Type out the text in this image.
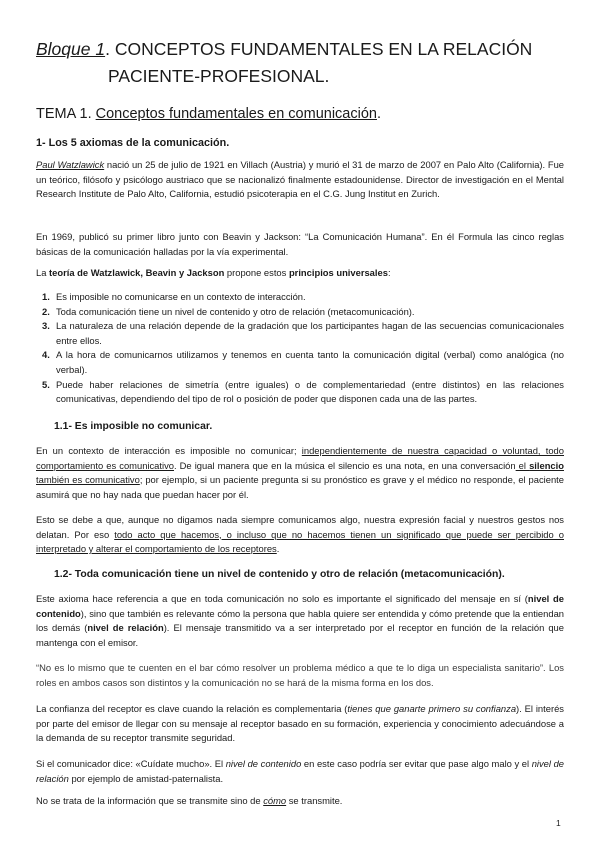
Bloque 1. CONCEPTOS FUNDAMENTALES EN LA RELACIÓN
PACIENTE-PROFESIONAL.
TEMA 1. Conceptos fundamentales en comunicación.
1- Los 5 axiomas de la comunicación.
Paul Watzlawick nació un 25 de julio de 1921 en Villach (Austria) y murió el 31 de marzo de 2007 en Palo Alto (California). Fue un teórico, filósofo y psicólogo austriaco que se nacionalizó finalmente estadounidense. Director de investigación en el Mental Research Institute de Palo Alto, California, estudió psicoterapia en el C.G. Jung Institut en Zurich.
En 1969, publicó su primer libro junto con Beavin y Jackson: “La Comunicación Humana”. En él Formula las cinco reglas básicas de la comunicación halladas por la vía experimental.
La teoría de Watzlawick, Beavin y Jackson propone estos principios universales:
1. Es imposible no comunicarse en un contexto de interacción.
2. Toda comunicación tiene un nivel de contenido y otro de relación (metacomunicación).
3. La naturaleza de una relación depende de la gradación que los participantes hagan de las secuencias comunicacionales entre ellos.
4. A la hora de comunicarnos utilizamos y tenemos en cuenta tanto la comunicación digital (verbal) como analógica (no verbal).
5. Puede haber relaciones de simetría (entre iguales) o de complementariedad (entre distintos) en las relaciones comunicativas, dependiendo del tipo de rol o posición de poder que disponen cada una de las partes.
1.1- Es imposible no comunicar.
En un contexto de interacción es imposible no comunicar; independientemente de nuestra capacidad o voluntad, todo comportamiento es comunicativo. De igual manera que en la música el silencio es una nota, en una conversación el silencio también es comunicativo; por ejemplo, si un paciente pregunta si su pronóstico es grave y el médico no responde, el paciente asumirá que no hay nada que puedan hacer por él.
Esto se debe a que, aunque no digamos nada siempre comunicamos algo, nuestra expresión facial y nuestros gestos nos delatan. Por eso todo acto que hacemos, o incluso que no hacemos tienen un significado que puede ser percibido o interpretado y alterar el comportamiento de los receptores.
1.2- Toda comunicación tiene un nivel de contenido y otro de relación (metacomunicación).
Este axioma hace referencia a que en toda comunicación no solo es importante el significado del mensaje en sí (nivel de contenido), sino que también es relevante cómo la persona que habla quiere ser entendida y cómo pretende que la entiendan los demás (nivel de relación). El mensaje transmitido va a ser interpretado por el receptor en función de la relación que mantenga con el emisor.
“No es lo mismo que te cuenten en el bar cómo resolver un problema médico a que te lo diga un especialista sanitario”. Los roles en ambos casos son distintos y la comunicación no se hará de la misma forma en los dos.
La confianza del receptor es clave cuando la relación es complementaria (tienes que ganarte primero su confianza). El interés por parte del emisor de llegar con su mensaje al receptor basado en su formación, experiencia y conocimiento adecuándose a la demanda de su receptor transmite seguridad.
Si el comunicador dice: «Cuídate mucho». El nivel de contenido en este caso podría ser evitar que pase algo malo y el nivel de relación por ejemplo de amistad-paternalista.
No se trata de la información que se transmite sino de cómo se transmite.
1
